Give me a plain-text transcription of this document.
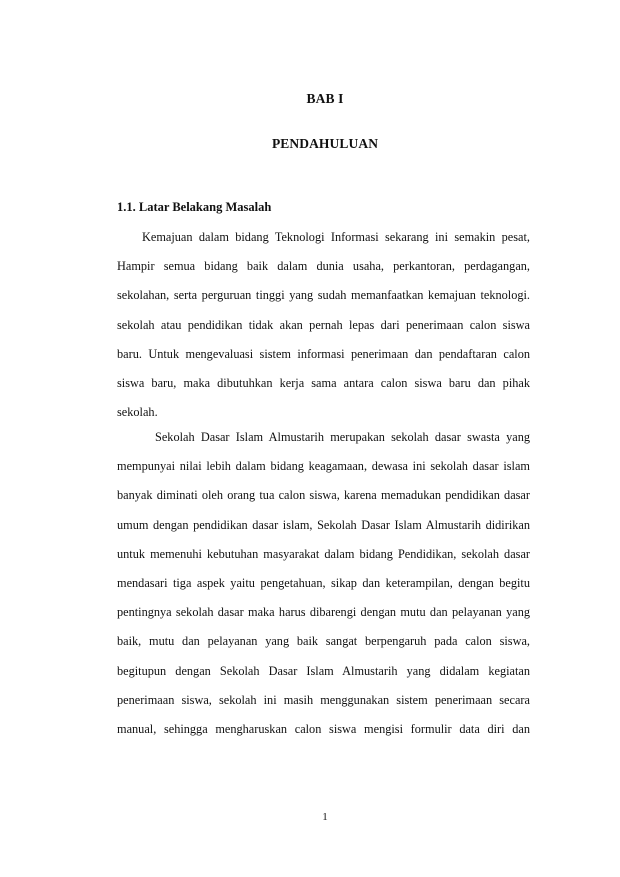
BAB I
PENDAHULUAN
1.1. Latar Belakang Masalah
Kemajuan dalam bidang Teknologi Informasi sekarang ini semakin pesat,
Hampir semua bidang baik dalam dunia usaha, perkantoran, perdagangan,
sekolahan, serta perguruan tinggi yang sudah memanfaatkan kemajuan teknologi.
sekolah atau pendidikan tidak akan pernah lepas dari penerimaan calon siswa
baru. Untuk mengevaluasi sistem informasi penerimaan dan pendaftaran calon
siswa baru, maka dibutuhkan kerja sama antara calon siswa baru dan pihak
sekolah.
Sekolah Dasar Islam Almustarih merupakan sekolah dasar swasta yang
mempunyai nilai lebih dalam bidang keagamaan, dewasa ini sekolah dasar islam
banyak diminati oleh orang tua calon siswa, karena memadukan pendidikan dasar
umum dengan pendidikan dasar islam, Sekolah Dasar Islam Almustarih didirikan
untuk memenuhi kebutuhan masyarakat dalam bidang Pendidikan, sekolah dasar
mendasari tiga aspek yaitu pengetahuan, sikap dan keterampilan, dengan begitu
pentingnya sekolah dasar maka harus dibarengi dengan mutu dan pelayanan yang
baik, mutu dan pelayanan yang baik sangat berpengaruh pada calon siswa,
begitupun dengan Sekolah Dasar Islam Almustarih yang didalam kegiatan
penerimaan siswa, sekolah ini masih menggunakan sistem penerimaan secara
manual, sehingga mengharuskan calon siswa mengisi formulir data diri dan
1
